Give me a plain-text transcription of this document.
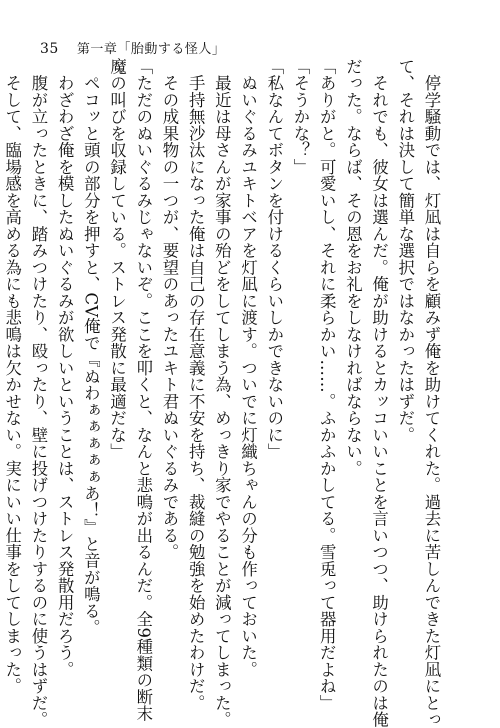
35 第一章「胎動する怪人」

　停学騒動では、灯凪は自らを顧みず俺を助けてくれた。過去に苦しんできた灯凪にとっ

て、それは決して簡単な選択ではなかったはずだ。

　それでも、彼女は選んだ。俺が助けるとカッコいいことを言いつつ、助けられたのは俺

だった。ならば、その恩をお礼をしなければならない。

「ありがと。可愛いし、それに柔らかい……。ふかふかしてる。雪兎って器用だよね」

「そうかな？」

「私なんてボタンを付けるくらいしかできないのに」

　ぬいぐるみユキトベアを灯凪に渡す。ついでに灯織ちゃんの分も作っておいた。

　最近は母さんが家事の殆どをしてしまう為、めっきり家でやることが減ってしまった。

　手持無沙汰になった俺は自己の存在意義に不安を持ち、裁縫の勉強を始めたわけだ。

　その成果物の一つが、要望のあったユキト君ぬいぐるみである。

「ただのぬいぐるみじゃないぞ。ここを叩くと、なんと悲鳴が出るんだ。全9種類の断末

魔の叫びを収録している。ストレス発散に最適だな」

　ペコッと頭の部分を押すと、CV俺で『ぬわぁぁぁぁぁあ！』と音が鳴る。

　わざわざ俺を模したぬいぐるみが欲しいということは、ストレス発散用だろう。

　腹が立ったときに、踏みつけたり、殴ったり、壁に投げつけたりするのに使うはずだ。

　そして、臨場感を高める為にも悲鳴は欠かせない。実にいい仕事をしてしまった。
